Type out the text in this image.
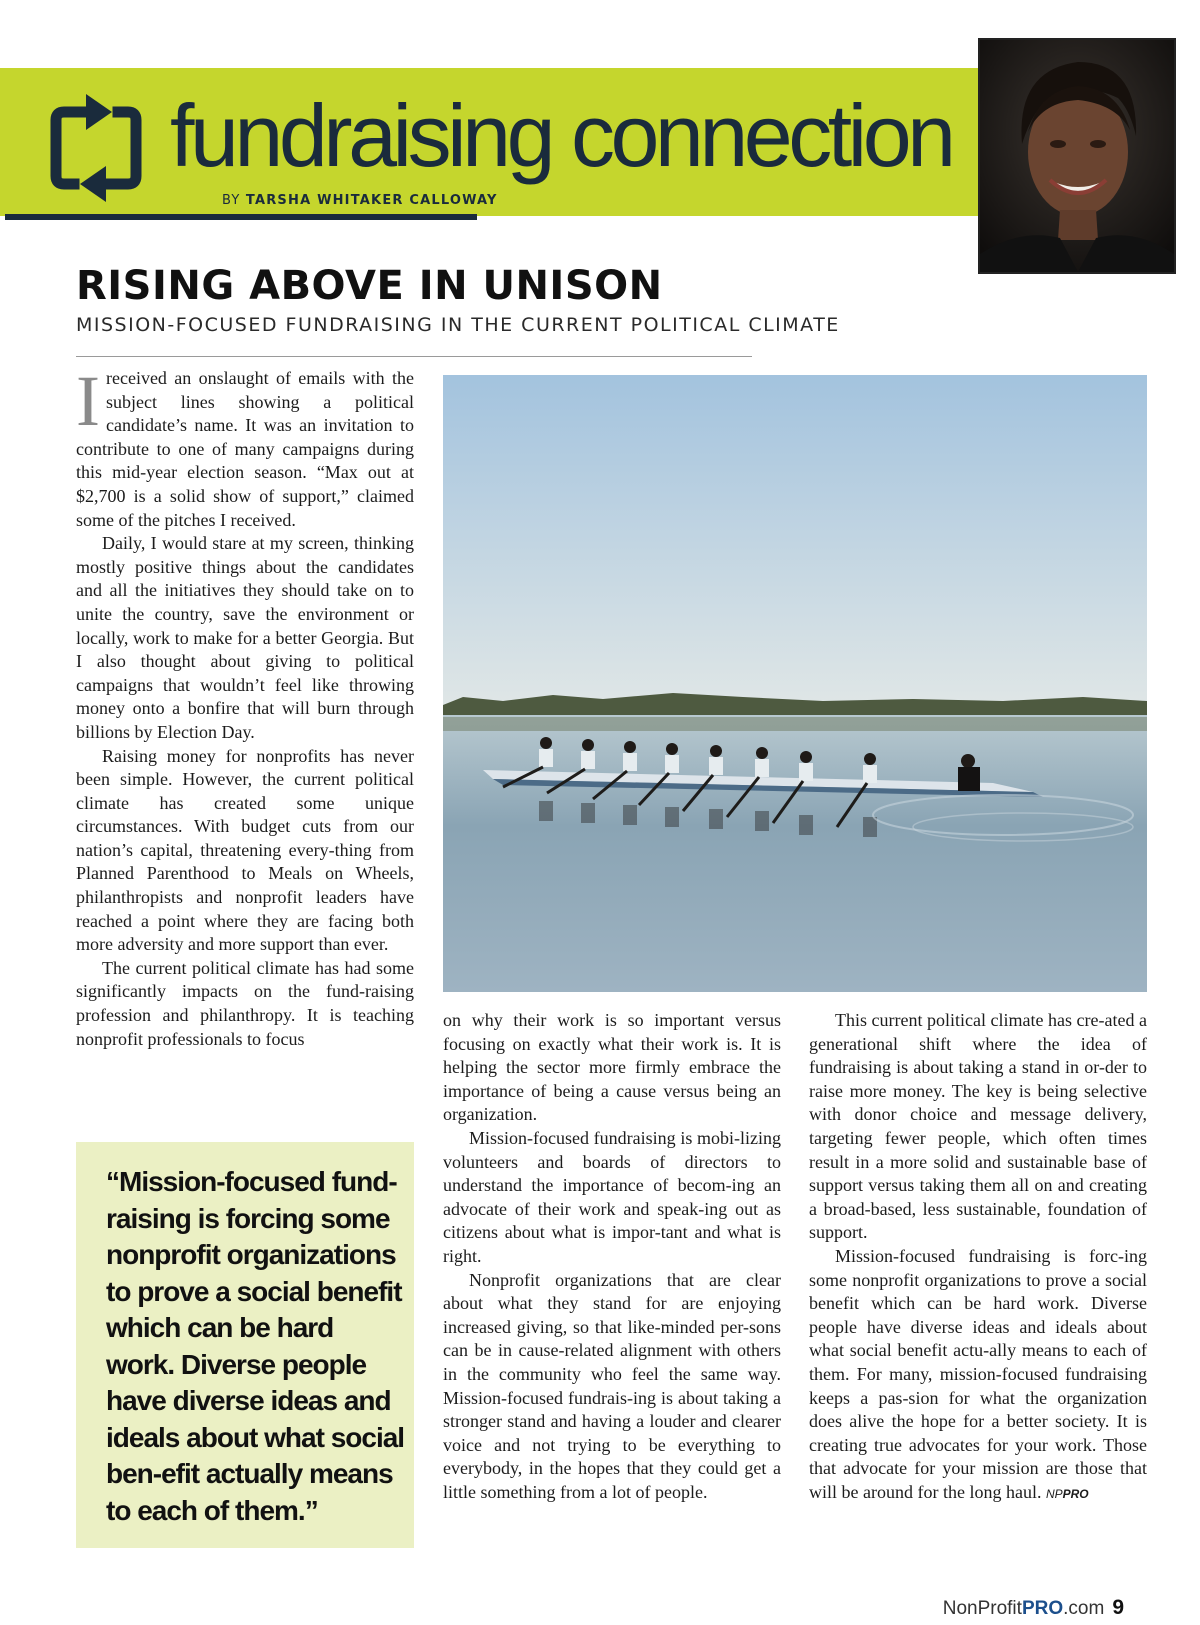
fundraising connection
BY TARSHA WHITAKER CALLOWAY
RISING ABOVE IN UNISON
MISSION-FOCUSED FUNDRAISING IN THE CURRENT POLITICAL CLIMATE

Ireceived an onslaught of emails with the subject lines showing a political candidate’s name. It was an invitation to contribute to one of many campaigns during this mid-year election season. “Max out at $2,700 is a solid show of support,” claimed some of the pitches I received.

Daily, I would stare at my screen, thinking mostly positive things about the candidates and all the initiatives they should take on to unite the country, save the environment or locally, work to make for a better Georgia. But I also thought about giving to political campaigns that wouldn’t feel like throwing money onto a bonfire that will burn through billions by Election Day.

Raising money for nonprofits has never been simple. However, the current political climate has created some unique circumstances. With budget cuts from our nation’s capital, threatening every-thing from Planned Parenthood to Meals on Wheels, philanthropists and nonprofit leaders have reached a point where they are facing both more adversity and more support than ever.

The current political climate has had some significantly impacts on the fund-raising profession and philanthropy. It is teaching nonprofit professionals to focus

“Mission-focused fund-raising is forcing some nonprofit organizations to prove a social benefit which can be hard work. Diverse people have diverse ideas and ideals about what social ben-efit actually means to each of them.”

on why their work is so important versus focusing on exactly what their work is. It is helping the sector more firmly embrace the importance of being a cause versus being an organization.

Mission-focused fundraising is mobi-lizing volunteers and boards of directors to understand the importance of becom-ing an advocate of their work and speak-ing out as citizens about what is impor-tant and what is right.

Nonprofit organizations that are clear about what they stand for are enjoying increased giving, so that like-minded per-sons can be in cause-related alignment with others in the community who feel the same way. Mission-focused fundrais-ing is about taking a stronger stand and having a louder and clearer voice and not trying to be everything to everybody, in the hopes that they could get a little something from a lot of people.

This current political climate has cre-ated a generational shift where the idea of fundraising is about taking a stand in or-der to raise more money. The key is being selective with donor choice and message delivery, targeting fewer people, which often times result in a more solid and sustainable base of support versus taking them all on and creating a broad-based, less sustainable, foundation of support.

Mission-focused fundraising is forc-ing some nonprofit organizations to prove a social benefit which can be hard work. Diverse people have diverse ideas and ideals about what social benefit actu-ally means to each of them. For many, mission-focused fundraising keeps a pas-sion for what the organization does alive the hope for a better society. It is creating true advocates for your work. Those that advocate for your mission are those that will be around for the long haul. NPPRO

NonProfitPRO.com 9
